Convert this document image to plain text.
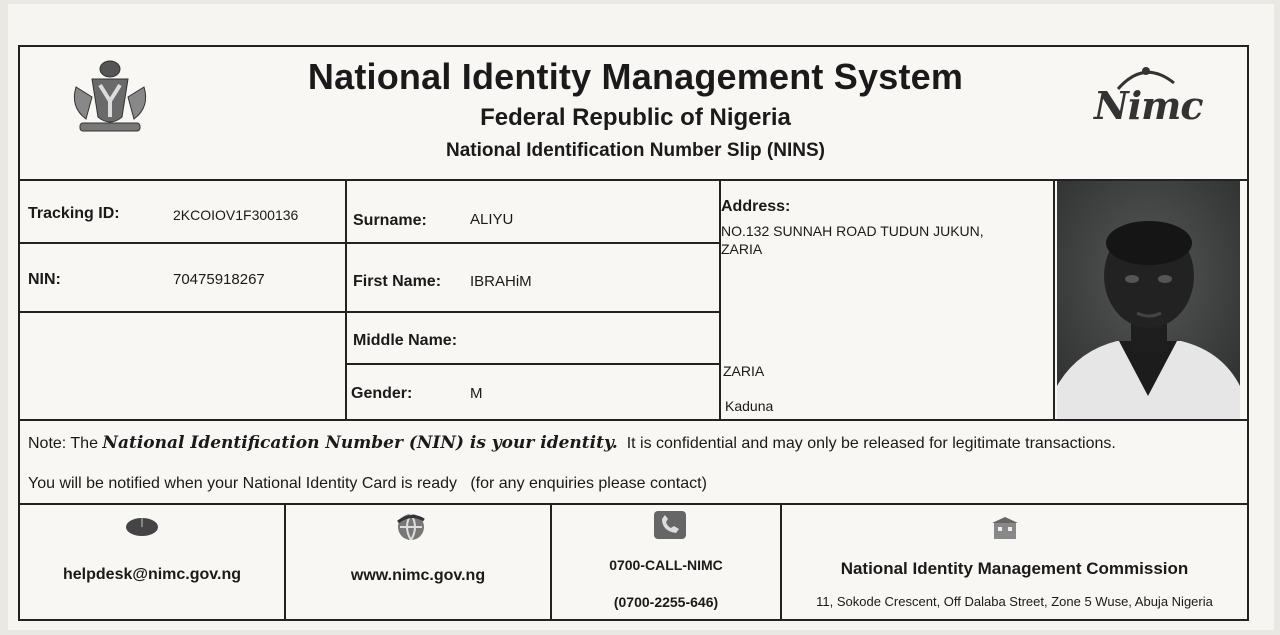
National Identity Management System
Federal Republic of Nigeria
National Identification Number Slip (NINS)
Nimc
Tracking ID:	2KCOIOV1F300136
NIN:	70475918267
Surname:	ALIYU
First Name: IBRAHiM
Middle Name:
Gender:	M
Address:
NO.132 SUNNAH ROAD TUDUN JUKUN, ZARIA
ZARIA
Kaduna
Note: The National Identification Number (NIN) is your identity. It is confidential and may only be released for legitimate transactions.
You will be notified when your National Identity Card is ready   (for any enquiries please contact)
helpdesk@nimc.gov.ng	www.nimc.gov.ng
0700-CALL-NIMC
(0700-2255-646)
National Identity Management Commission
11, Sokode Crescent, Off Dalaba Street, Zone 5 Wuse, Abuja Nigeria
